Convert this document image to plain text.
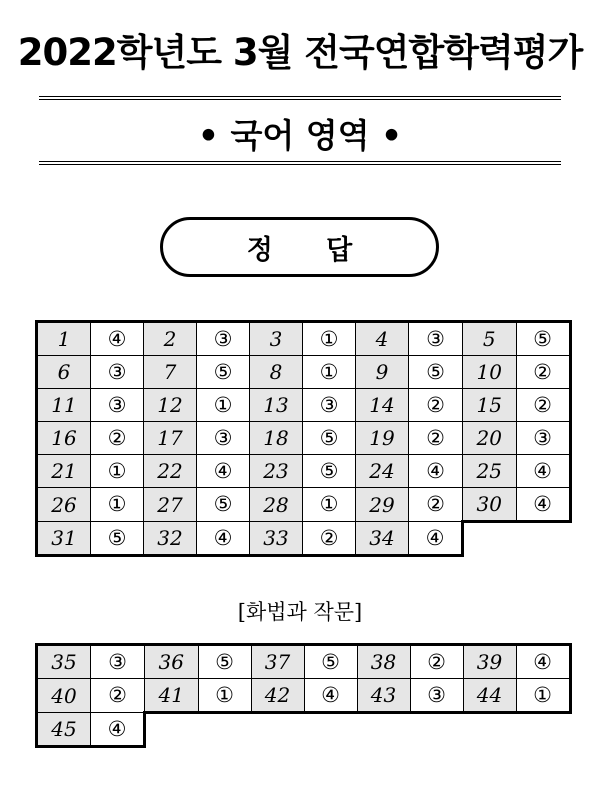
2022학년도 3월 전국연합학력평가
• 국어 영역 •
정 답
1	④	2	③	3	①	4	③	5	⑤
6	③	7	⑤	8	①	9	⑤	10	②
11	③	12	①	13	③	14	②	15	②
16	②	17	③	18	⑤	19	②	20	③
21	①	22	④	23	⑤	24	④	25	④
26	①	27	⑤	28	①	29	②	30	④
31	⑤	32	④	33	②	34	④		
[화법과 작문]
35	③	36	⑤	37	⑤	38	②	39	④
40	②	41	①	42	④	43	③	44	①
45	④								
